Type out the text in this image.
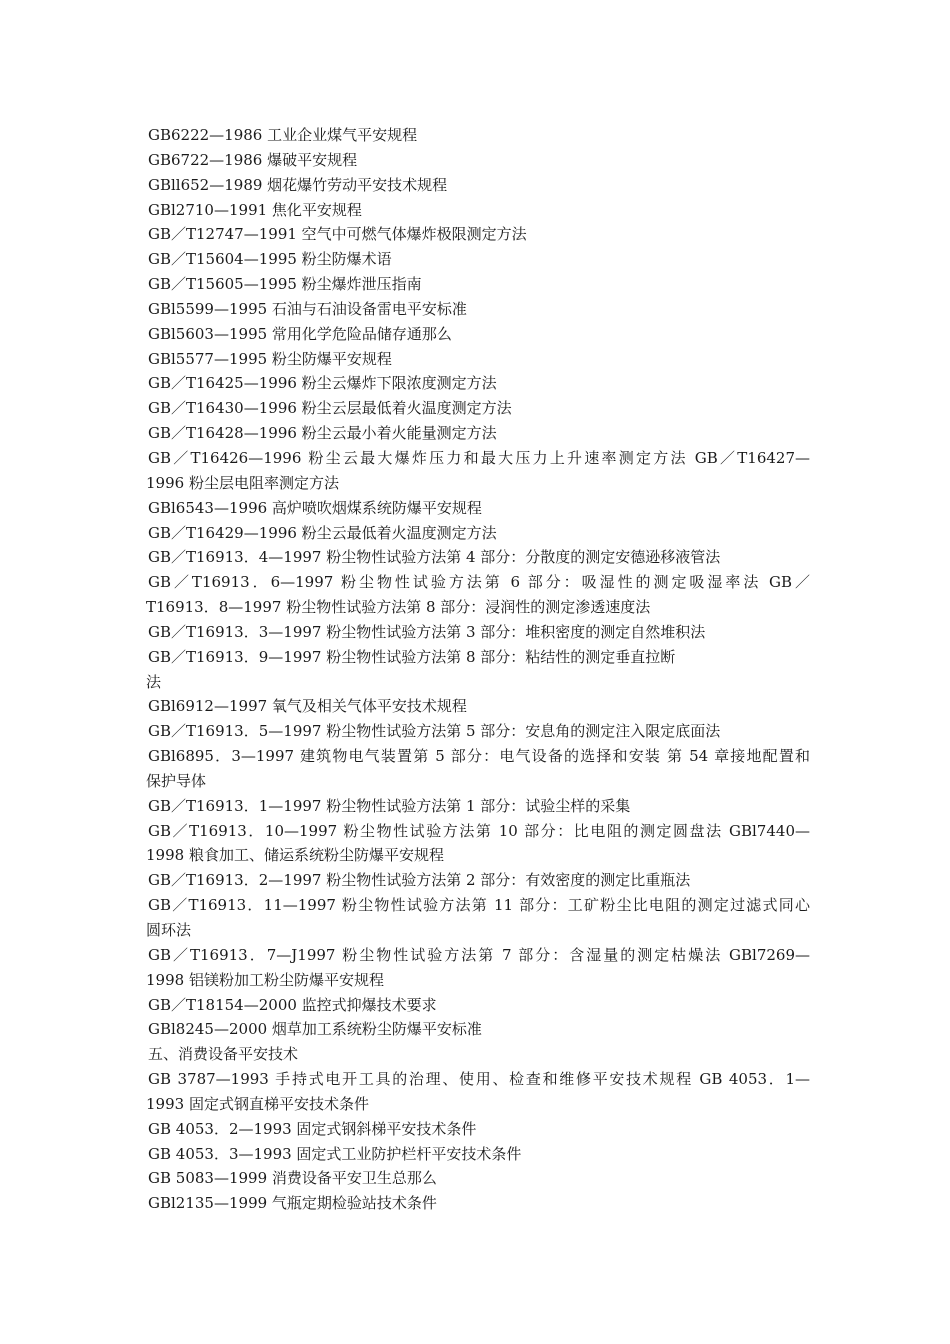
GB6222—1986 工业企业煤气平安规程
GB6722—1986 爆破平安规程
GBll652—1989 烟花爆竹劳动平安技术规程
GBl2710—1991 焦化平安规程
GB／T12747—1991 空气中可燃气体爆炸极限测定方法
GB／T15604—1995 粉尘防爆术语
GB／T15605—1995 粉尘爆炸泄压指南
GBl5599—1995 石油与石油设备雷电平安标准
GBl5603—1995 常用化学危险品储存通那么
GBl5577—1995 粉尘防爆平安规程
GB／T16425—1996 粉尘云爆炸下限浓度测定方法
GB／T16430—1996 粉尘云层最低着火温度测定方法
GB／T16428—1996 粉尘云最小着火能量测定方法
GB／T16426—1996 粉尘云最大爆炸压力和最大压力上升速率测定方法 GB／T16427—
1996 粉尘层电阻率测定方法
GBl6543—1996 高炉喷吹烟煤系统防爆平安规程
GB／T16429—1996 粉尘云最低着火温度测定方法
GB／T16913．4—1997 粉尘物性试验方法第 4 部分：分散度的测定安德逊移液管法
GB／T16913．6—1997 粉尘物性试验方法第 6 部分：吸湿性的测定吸湿率法 GB／
T16913．8—1997 粉尘物性试验方法第 8 部分：浸润性的测定渗透速度法
GB／T16913．3—1997 粉尘物性试验方法第 3 部分：堆积密度的测定自然堆积法
GB／T16913．9—1997 粉尘物性试验方法第 8 部分：粘结性的测定垂直拉断
法
GBl6912—1997 氧气及相关气体平安技术规程
GB／T16913．5—1997 粉尘物性试验方法第 5 部分：安息角的测定注入限定底面法
GBl6895．3—1997 建筑物电气装置第 5 部分：电气设备的选择和安装 第 54 章接地配置和
保护导体
GB／T16913．1—1997 粉尘物性试验方法第 1 部分：试验尘样的采集
GB／T16913．10—1997 粉尘物性试验方法第 10 部分：比电阻的测定圆盘法 GBl7440—
1998 粮食加工、储运系统粉尘防爆平安规程
GB／T16913．2—1997 粉尘物性试验方法第 2 部分：有效密度的测定比重瓶法
GB／T16913．11—1997 粉尘物性试验方法第 11 部分：工矿粉尘比电阻的测定过滤式同心
圆环法
GB／T16913．7—J1997 粉尘物性试验方法第 7 部分：含湿量的测定枯燥法 GBl7269—
1998 铝镁粉加工粉尘防爆平安规程
GB／T18154—2000 监控式抑爆技术要求
GBl8245—2000 烟草加工系统粉尘防爆平安标准
五、消费设备平安技术
GB 3787—1993 手持式电开工具的治理、使用、检查和维修平安技术规程 GB 4053．1—
1993 固定式钢直梯平安技术条件
GB 4053．2—1993 固定式钢斜梯平安技术条件
GB 4053．3—1993 固定式工业防护栏杆平安技术条件
GB 5083—1999 消费设备平安卫生总那么
GBl2135—1999 气瓶定期检验站技术条件
